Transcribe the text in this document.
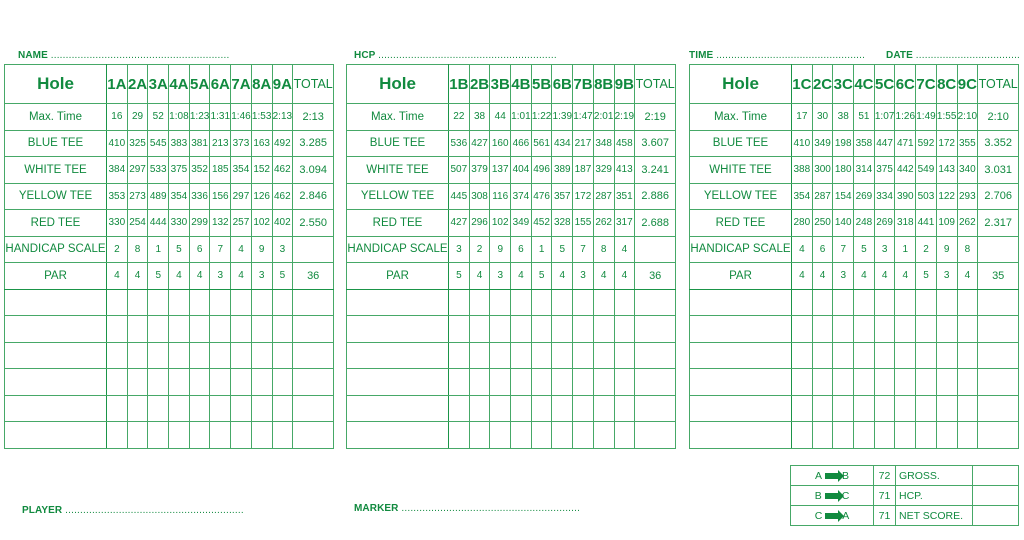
NAME ............................................................	HCP ............................................................	TIME .................................................. DATE ...................................
Hole	1A	2A	3A	4A	5A	6A	7A	8A	9A	TOTAL
Max. Time	16	29	52	1:08	1:23	1:31	1:46	1:53	2:13	2:13
BLUE TEE	410	325	545	383	381	213	373	163	492	3.285
WHITE TEE	384	297	533	375	352	185	354	152	462	3.094
YELLOW TEE	353	273	489	354	336	156	297	126	462	2.846
RED TEE	330	254	444	330	299	132	257	102	402	2.550
HANDICAP SCALE	2	8	1	5	6	7	4	9	3	
PAR	4	4	5	4	4	3	4	3	5	36

Hole	1B	2B	3B	4B	5B	6B	7B	8B	9B	TOTAL
Max. Time	22	38	44	1:01	1:22	1:39	1:47	2:01	2:19	2:19
BLUE TEE	536	427	160	466	561	434	217	348	458	3.607
WHITE TEE	507	379	137	404	496	389	187	329	413	3.241
YELLOW TEE	445	308	116	374	476	357	172	287	351	2.886
RED TEE	427	296	102	349	452	328	155	262	317	2.688
HANDICAP SCALE	3	2	9	6	1	5	7	8	4	
PAR	5	4	3	4	5	4	3	4	4	36

Hole	1C	2C	3C	4C	5C	6C	7C	8C	9C	TOTAL
Max. Time	17	30	38	51	1:07	1:26	1:49	1:55	2:10	2:10
BLUE TEE	410	349	198	358	447	471	592	172	355	3.352
WHITE TEE	388	300	180	314	375	442	549	143	340	3.031
YELLOW TEE	354	287	154	269	334	390	503	122	293	2.706
RED TEE	280	250	140	248	269	318	441	109	262	2.317
HANDICAP SCALE	4	6	7	5	3	1	2	9	8	
PAR	4	4	3	4	4	4	5	3	4	35

A B	72	GROSS.	
B C	71	HCP.	
C A	71	NET SCORE.	
PLAYER ............................................................	MARKER ............................................................
